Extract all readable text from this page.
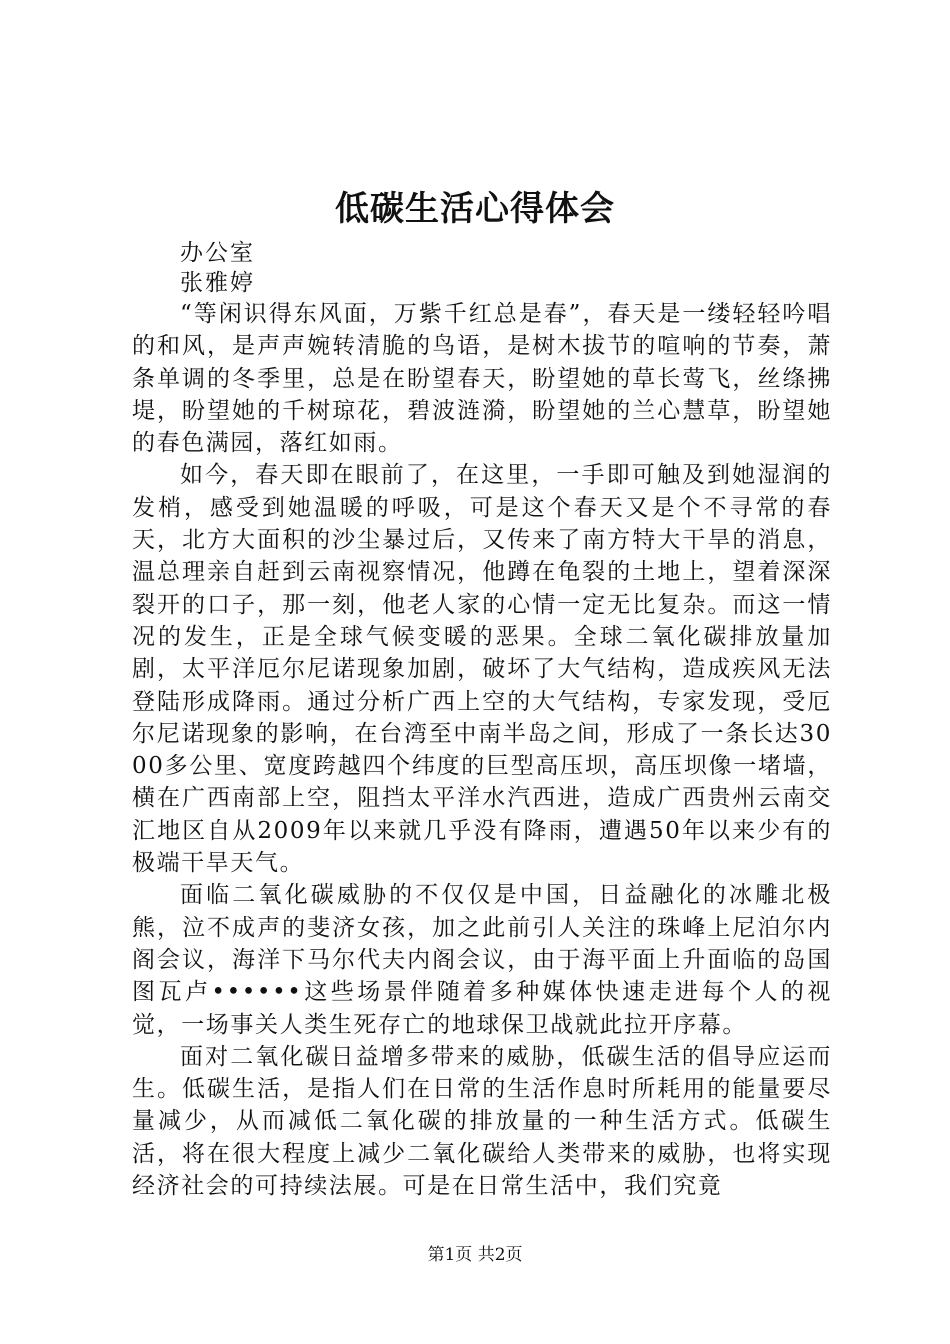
低碳生活心得体会

办公室

张雅婷

“等闲识得东风面，万紫千红总是春”，春天是一缕轻轻吟唱的和风，是声声婉转清脆的鸟语，是树木拔节的喧响的节奏，萧条单调的冬季里，总是在盼望春天，盼望她的草长莺飞，丝绦拂堤，盼望她的千树琼花，碧波涟漪，盼望她的兰心慧草，盼望她的春色满园，落红如雨。

如今，春天即在眼前了，在这里，一手即可触及到她湿润的发梢，感受到她温暖的呼吸，可是这个春天又是个不寻常的春天，北方大面积的沙尘暴过后，又传来了南方特大干旱的消息，温总理亲自赶到云南视察情况，他蹲在龟裂的土地上，望着深深裂开的口子，那一刻，他老人家的心情一定无比复杂。而这一情况的发生，正是全球气候变暖的恶果。全球二氧化碳排放量加剧，太平洋厄尔尼诺现象加剧，破坏了大气结构，造成疾风无法登陆形成降雨。通过分析广西上空的大气结构，专家发现，受厄尔尼诺现象的影响，在台湾至中南半岛之间，形成了一条长达3000多公里、宽度跨越四个纬度的巨型高压坝，高压坝像一堵墙，横在广西南部上空，阻挡太平洋水汽西进，造成广西贵州云南交汇地区自从2009年以来就几乎没有降雨，遭遇50年以来少有的极端干旱天气。

面临二氧化碳威胁的不仅仅是中国，日益融化的冰雕北极熊，泣不成声的斐济女孩，加之此前引人关注的珠峰上尼泊尔内阁会议，海洋下马尔代夫内阁会议，由于海平面上升面临的岛国图瓦卢••••••这些场景伴随着多种媒体快速走进每个人的视觉，一场事关人类生死存亡的地球保卫战就此拉开序幕。

面对二氧化碳日益增多带来的威胁，低碳生活的倡导应运而生。低碳生活，是指人们在日常的生活作息时所耗用的能量要尽量减少，从而减低二氧化碳的排放量的一种生活方式。低碳生活，将在很大程度上减少二氧化碳给人类带来的威胁，也将实现经济社会的可持续法展。可是在日常生活中，我们究竟

第1页 共2页
